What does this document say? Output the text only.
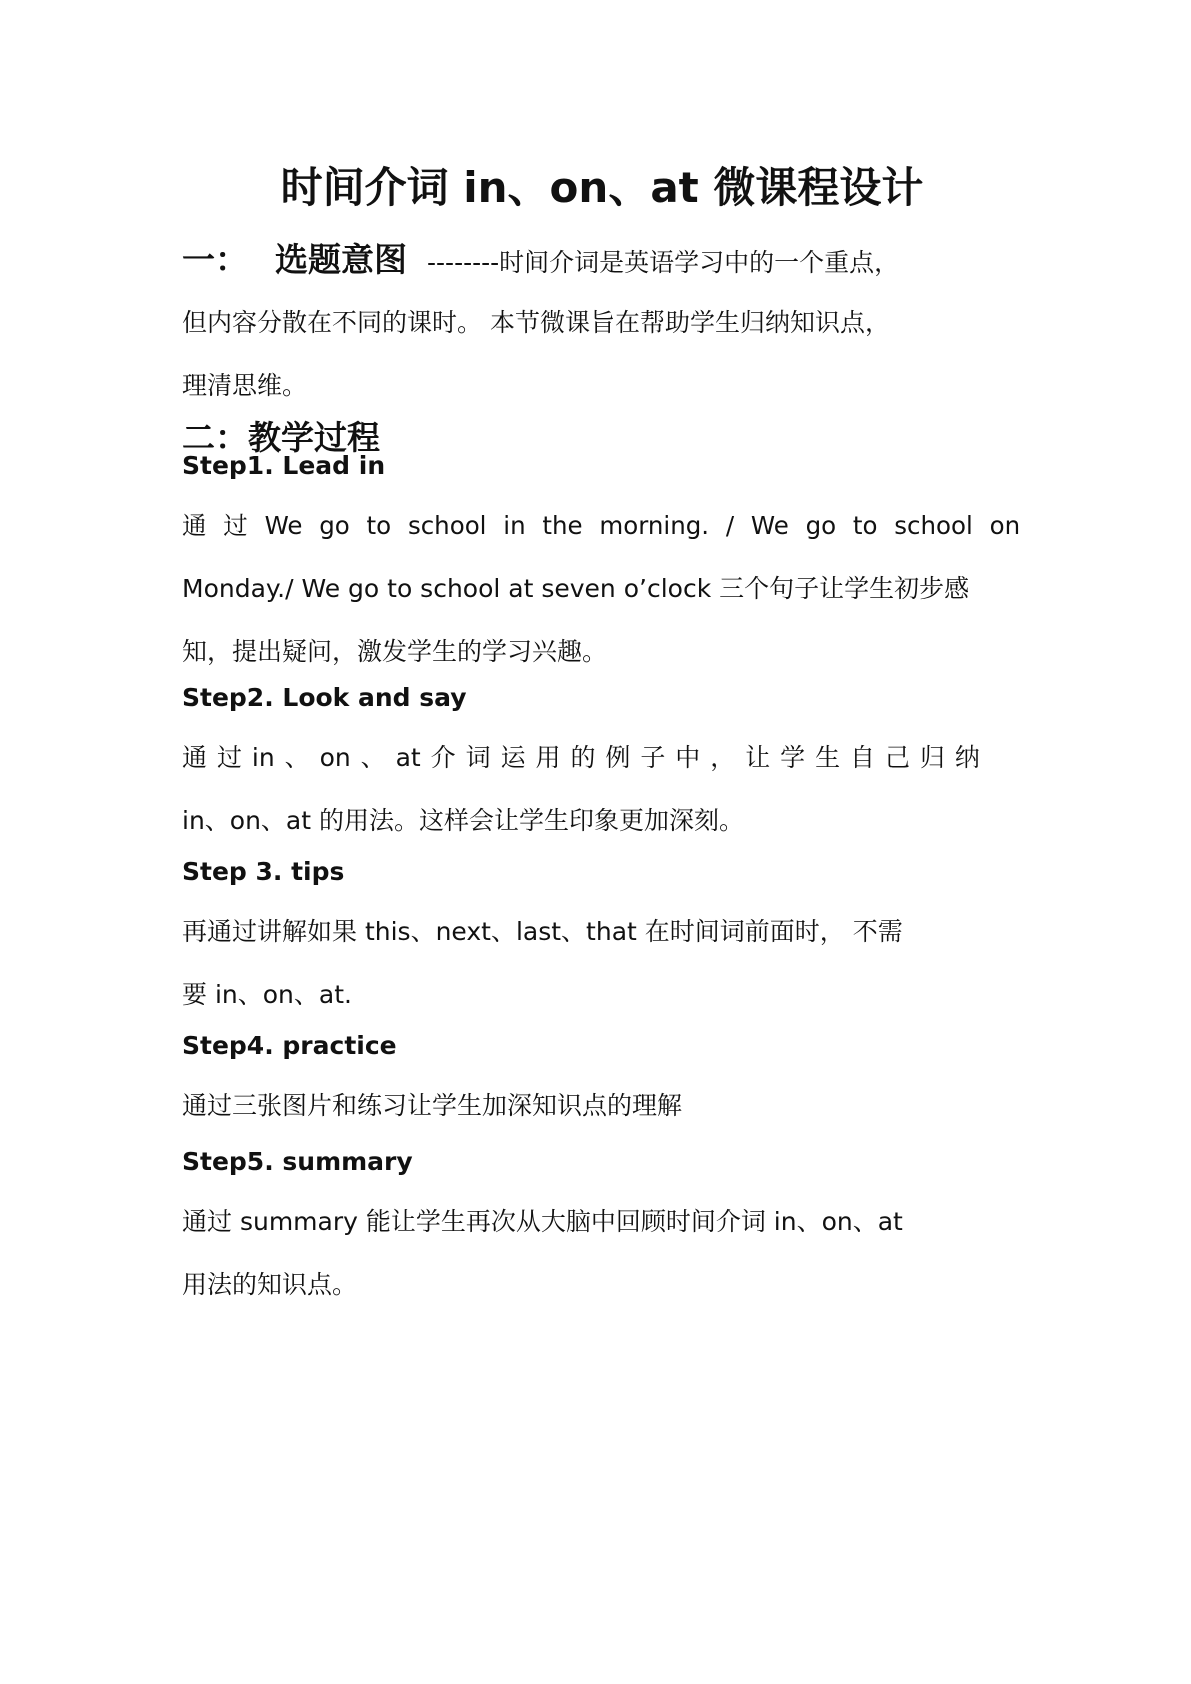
时间介词 in、on、at 微课程设计
一： 选题意图 --------时间介词是英语学习中的一个重点，
但内容分散在不同的课时。 本节微课旨在帮助学生归纳知识点，
理清思维。
二：教学过程
Step1. Lead in
通 过 We go to school in the morning. / We go to school on
Monday./ We go to school at seven o’clock 三个句子让学生初步感
知，提出疑问，激发学生的学习兴趣。
Step2. Look and say
通 过 in 、 on 、 at 介 词 运 用 的 例 子 中 ， 让 学 生 自 己 归 纳
in、on、at 的用法。这样会让学生印象更加深刻。
Step 3. tips
再通过讲解如果 this、next、last、that 在时间词前面时， 不需
要 in、on、at.
Step4. practice
通过三张图片和练习让学生加深知识点的理解
Step5. summary
通过 summary 能让学生再次从大脑中回顾时间介词 in、on、at
用法的知识点。
